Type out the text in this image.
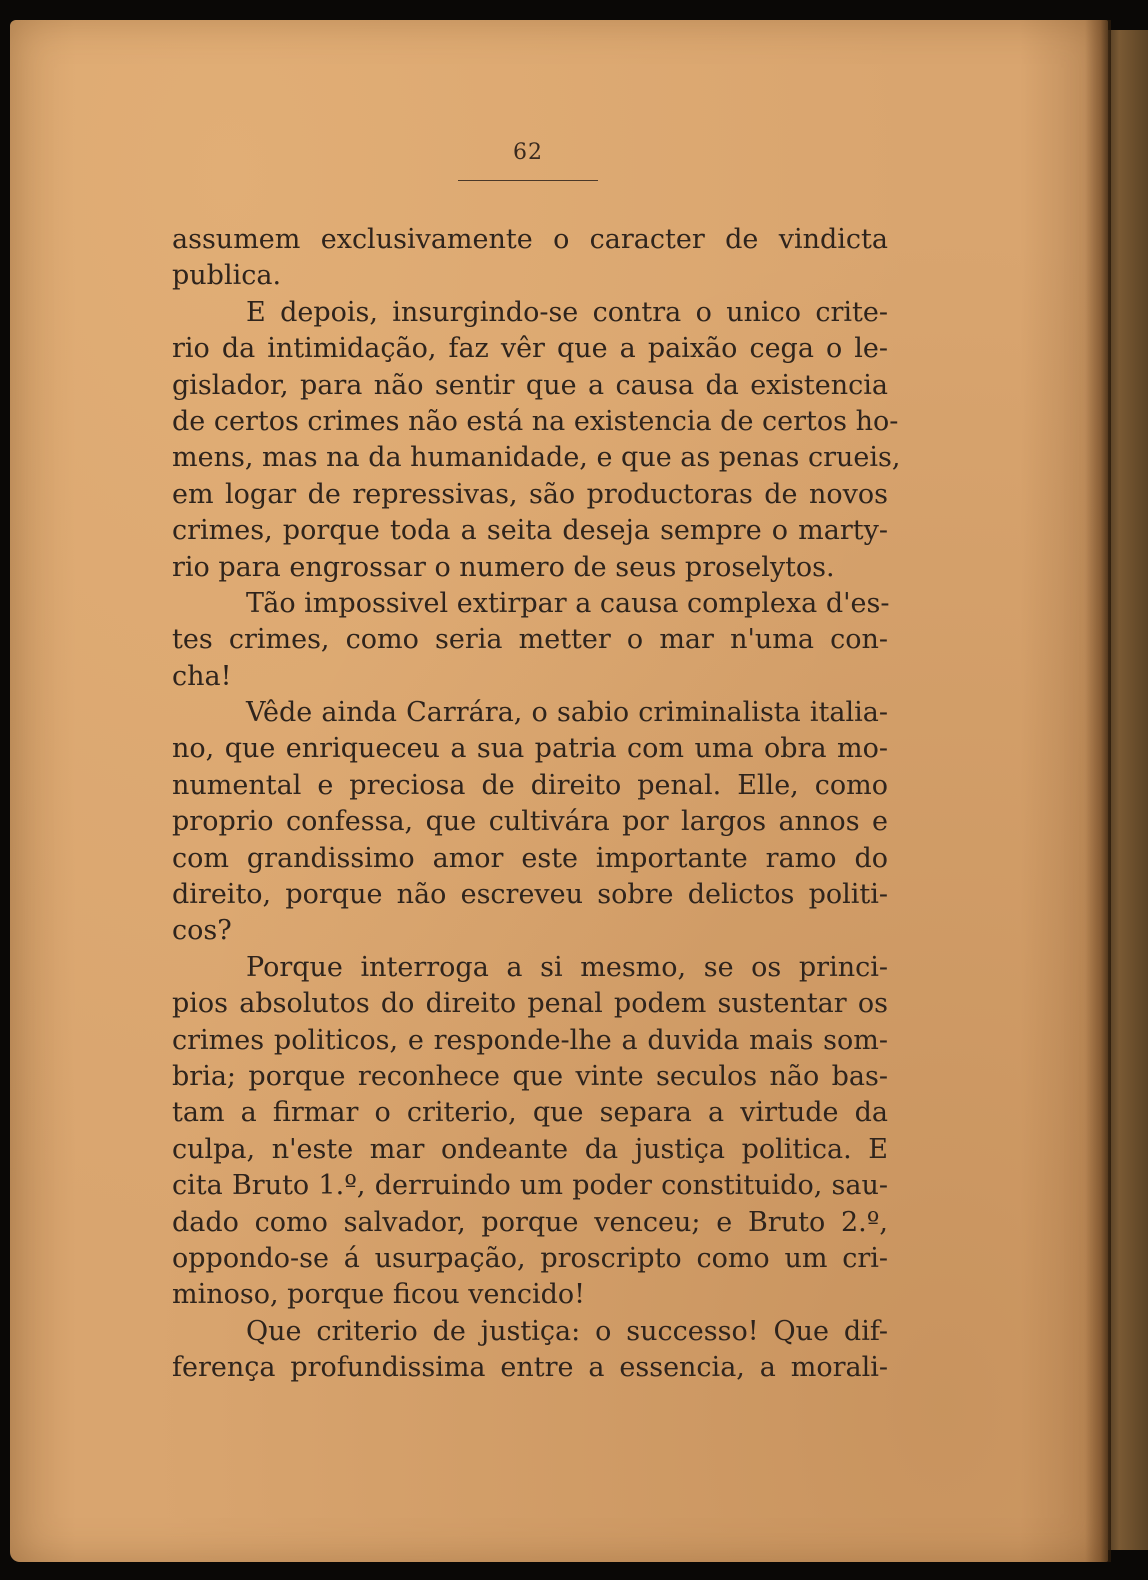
62
assumem exclusivamente o caracter de vindicta
publica.
E depois, insurgindo-se contra o unico crite-
rio da intimidação, faz vêr que a paixão cega o le-
gislador, para não sentir que a causa da existencia
de certos crimes não está na existencia de certos ho-
mens, mas na da humanidade, e que as penas crueis,
em logar de repressivas, são productoras de novos
crimes, porque toda a seita deseja sempre o marty-
rio para engrossar o numero de seus proselytos.
Tão impossivel extirpar a causa complexa d'es-
tes crimes, como seria metter o mar n'uma con-
cha!
Vêde ainda Carrára, o sabio criminalista italia-
no, que enriqueceu a sua patria com uma obra mo-
numental e preciosa de direito penal. Elle, como
proprio confessa, que cultivára por largos annos e
com grandissimo amor este importante ramo do
direito, porque não escreveu sobre delictos politi-
cos?
Porque interroga a si mesmo, se os princi-
pios absolutos do direito penal podem sustentar os
crimes politicos, e responde-lhe a duvida mais som-
bria; porque reconhece que vinte seculos não bas-
tam a firmar o criterio, que separa a virtude da
culpa, n'este mar ondeante da justiça politica. E
cita Bruto 1.º, derruindo um poder constituido, sau-
dado como salvador, porque venceu; e Bruto 2.º,
oppondo-se á usurpação, proscripto como um cri-
minoso, porque ficou vencido!
Que criterio de justiça: o successo! Que dif-
ferença profundissima entre a essencia, a morali-
